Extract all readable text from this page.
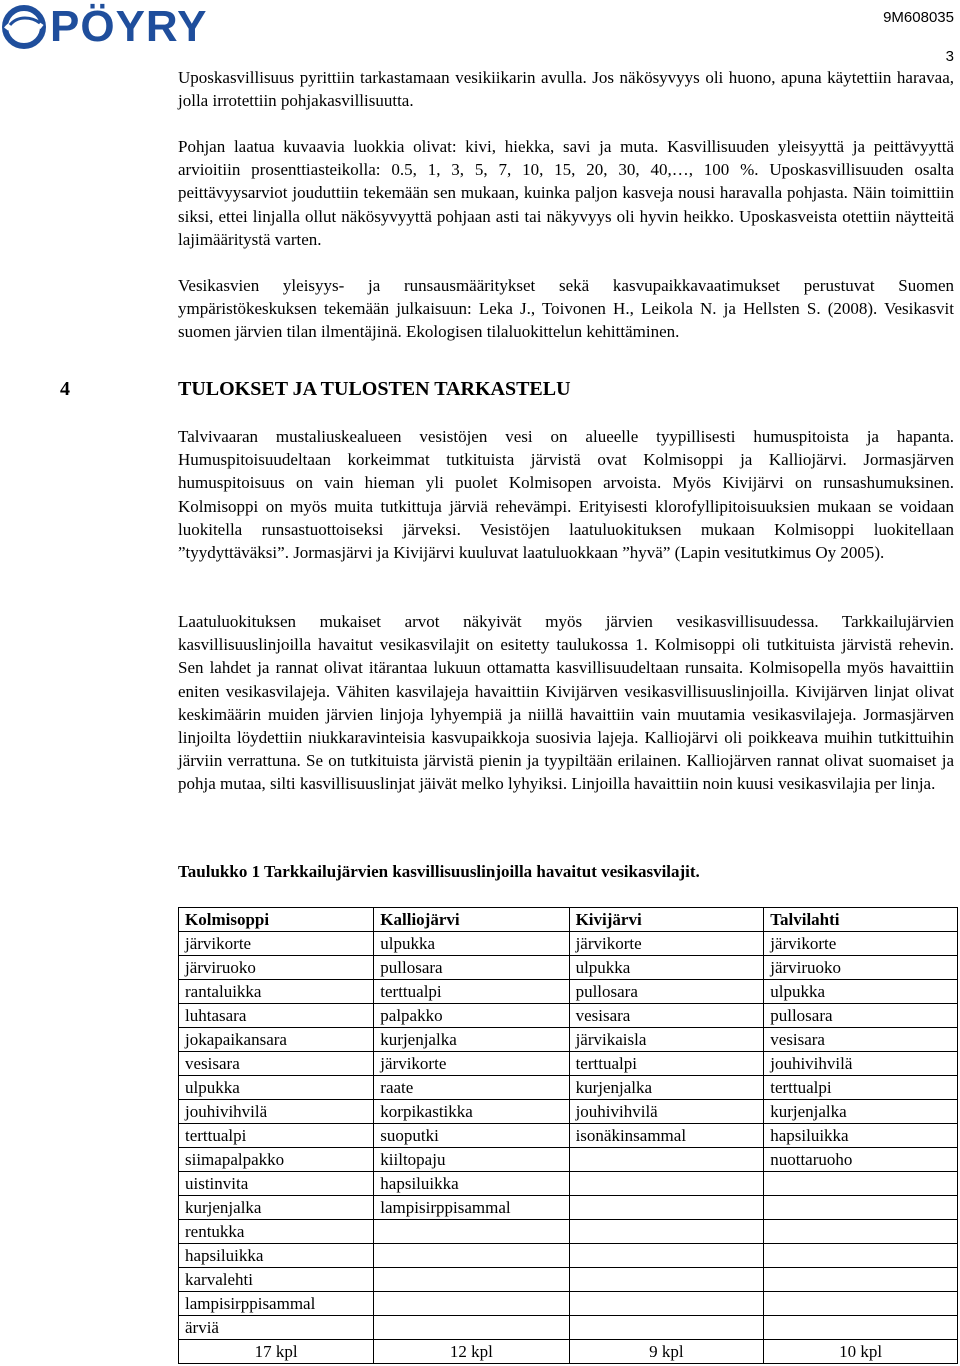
PÖYRY	9M608035
3
Uposkasvillisuus pyrittiin tarkastamaan vesikiikarin avulla. Jos näkösyvyys oli huono, apuna käytettiin haravaa, jolla irrotettiin pohjakasvillisuutta.
Pohjan laatua kuvaavia luokkia olivat: kivi, hiekka, savi ja muta. Kasvillisuuden yleisyyttä ja peittävyyttä arvioitiin prosenttiasteikolla: 0.5, 1, 3, 5, 7, 10, 15, 20, 30, 40,…, 100 %. Uposkasvillisuuden osalta peittävyysarviot jouduttiin tekemään sen mukaan, kuinka paljon kasveja nousi haravalla pohjasta. Näin toimittiin siksi, ettei linjalla ollut näkösyvyyttä pohjaan asti tai näkyvyys oli hyvin heikko. Uposkasveista otettiin näytteitä lajimääritystä varten.
Vesikasvien yleisyys- ja runsausmääritykset sekä kasvupaikkavaatimukset perustuvat Suomen ympäristökeskuksen tekemään julkaisuun: Leka J., Toivonen H., Leikola N. ja Hellsten S. (2008). Vesikasvit suomen järvien tilan ilmentäjinä. Ekologisen tilaluokittelun kehittäminen.
4	TULOKSET JA TULOSTEN TARKASTELU
Talvivaaran mustaliuskealueen vesistöjen vesi on alueelle tyypillisesti humuspitoista ja hapanta. Humuspitoisuudeltaan korkeimmat tutkituista järvistä ovat Kolmisoppi ja Kalliojärvi. Jormasjärven humuspitoisuus on vain hieman yli puolet Kolmisopen arvoista. Myös Kivijärvi on runsashumuksinen. Kolmisoppi on myös muita tutkittuja järviä rehevämpi. Erityisesti klorofyllipitoisuuksien mukaan se voidaan luokitella runsastuottoiseksi järveksi. Vesistöjen laatuluokituksen mukaan Kolmisoppi luokitellaan ”tyydyttäväksi”. Jormasjärvi ja Kivijärvi kuuluvat laatuluokkaan ”hyvä” (Lapin vesitutkimus Oy 2005).
Laatuluokituksen mukaiset arvot näkyivät myös järvien vesikasvillisuudessa. Tarkkailujärvien kasvillisuuslinjoilla havaitut vesikasvilajit on esitetty taulukossa 1. Kolmisoppi oli tutkituista järvistä rehevin. Sen lahdet ja rannat olivat itärantaa lukuun ottamatta kasvillisuudeltaan runsaita. Kolmisopella myös havaittiin eniten vesikasvilajeja. Vähiten kasvilajeja havaittiin Kivijärven vesikasvillisuuslinjoilla. Kivijärven linjat olivat keskimäärin muiden järvien linjoja lyhyempiä ja niillä havaittiin vain muutamia vesikasvilajeja. Jormasjärven linjoilta löydettiin niukkaravinteisia kasvupaikkoja suosivia lajeja. Kalliojärvi oli poikkeava muihin tutkittuihin järviin verrattuna. Se on tutkituista järvistä pienin ja tyypiltään erilainen. Kalliojärven rannat olivat suomaiset ja pohja mutaa, silti kasvillisuuslinjat jäivät melko lyhyiksi. Linjoilla havaittiin noin kuusi vesikasvilajia per linja.
Taulukko 1 Tarkkailujärvien kasvillisuuslinjoilla havaitut vesikasvilajit.
Kolmisoppi	Kalliojärvi	Kivijärvi	Talvilahti
järvikorte	ulpukka	järvikorte	järvikorte
järviruoko	pullosara	ulpukka	järviruoko
rantaluikka	terttualpi	pullosara	ulpukka
luhtasara	palpakko	vesisara	pullosara
jokapaikansara	kurjenjalka	järvikaisla	vesisara
vesisara	järvikorte	terttualpi	jouhivihvilä
ulpukka	raate	kurjenjalka	terttualpi
jouhivihvilä	korpikastikka	jouhivihvilä	kurjenjalka
terttualpi	suoputki	isonäkinsammal	hapsiluikka
siimapalpakko	kiiltopaju		nuottaruoho
uistinvita	hapsiluikka		
kurjenjalka	lampisirppisammal		
rentukka			
hapsiluikka			
karvalehti			
lampisirppisammal			
ärviä			
17 kpl	12 kpl	9 kpl	10 kpl
